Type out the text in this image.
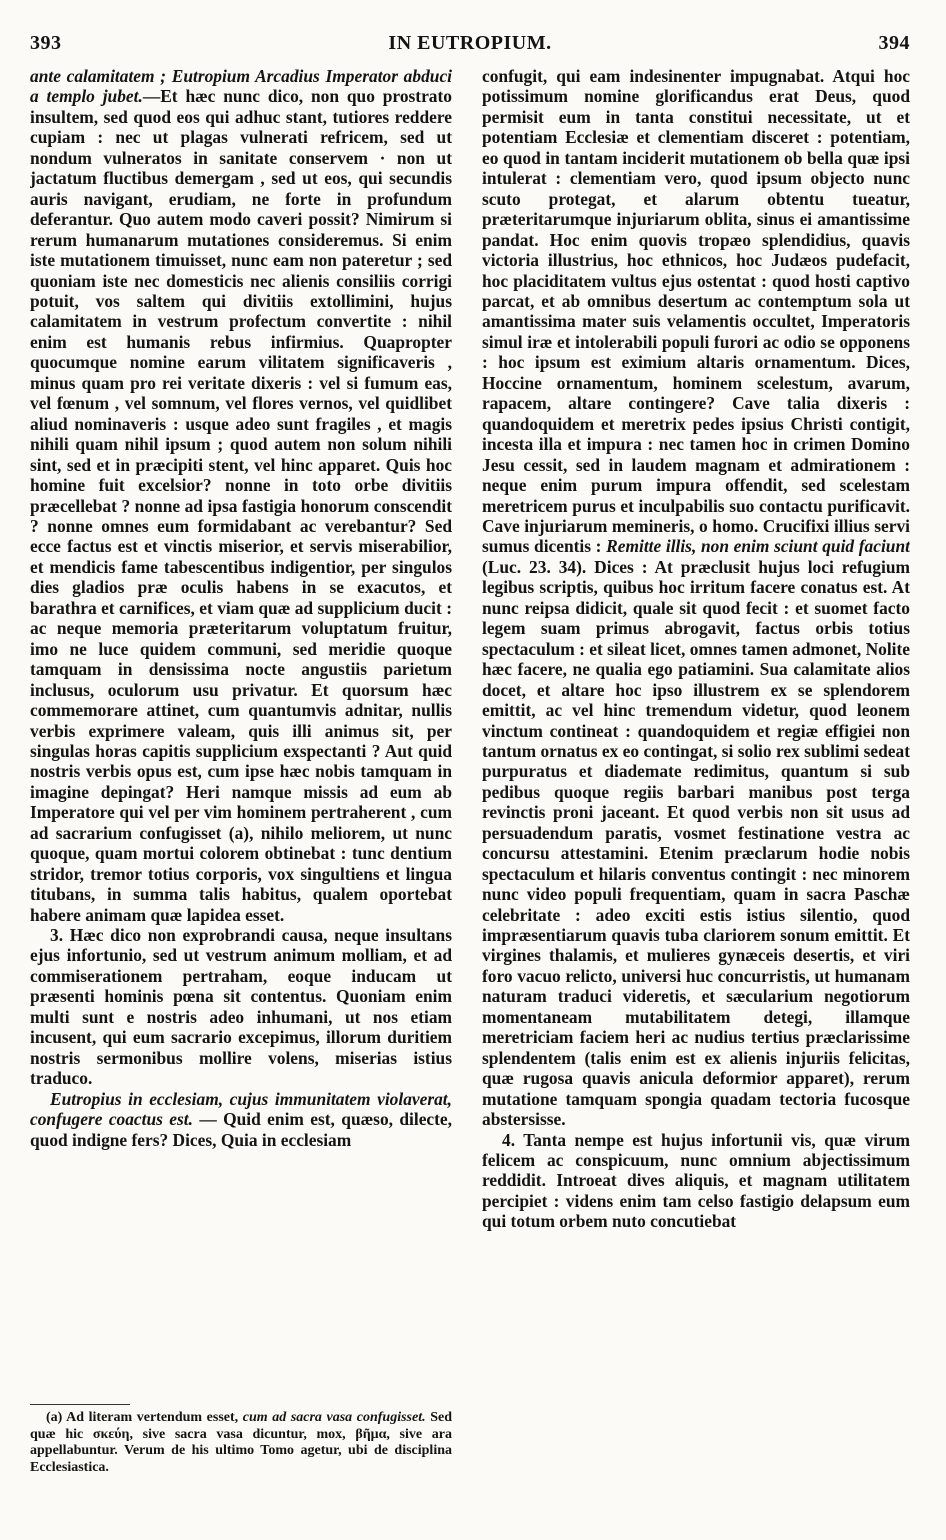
393	IN EUTROPIUM.	394

ante calamitatem ; Eutropium Arcadius Imperator abduci a templo jubet.—Et hæc nunc dico, non quo prostrato insultem, sed quod eos qui adhuc stant, tutiores reddere cupiam : nec ut plagas vulnerati refricem, sed ut nondum vulneratos in sanitate conservem · non ut jactatum fluctibus demergam , sed ut eos, qui secundis auris navigant, erudiam, ne forte in profundum deferantur. Quo autem modo caveri possit? Nimirum si rerum humanarum mutationes consideremus. Si enim iste mutationem timuisset, nunc eam non pateretur ; sed quoniam iste nec domesticis nec alienis consiliis corrigi potuit, vos saltem qui divitiis extollimini, hujus calamitatem in vestrum profectum convertite : nihil enim est humanis rebus infirmius. Quapropter quocumque nomine earum vilitatem significaveris , minus quam pro rei veritate dixeris : vel si fumum eas, vel fœnum , vel somnum, vel flores vernos, vel quidlibet aliud nominaveris : usque adeo sunt fragiles , et magis nihili quam nihil ipsum ; quod autem non solum nihili sint, sed et in præcipiti stent, vel hinc apparet. Quis hoc homine fuit excelsior? nonne in toto orbe divitiis præcellebat ? nonne ad ipsa fastigia honorum conscendit ? nonne omnes eum formidabant ac verebantur? Sed ecce factus est et vinctis miserior, et servis miserabilior, et mendicis fame tabescentibus indigentior, per singulos dies gladios præ oculis habens in se exacutos, et barathra et carnifices, et viam quæ ad supplicium ducit : ac neque memoria præteritarum voluptatum fruitur, imo ne luce quidem communi, sed meridie quoque tamquam in densissima nocte angustiis parietum inclusus, oculorum usu privatur. Et quorsum hæc commemorare attinet, cum quantumvis adnitar, nullis verbis exprimere valeam, quis illi animus sit, per singulas horas capitis supplicium exspectanti ? Aut quid nostris verbis opus est, cum ipse hæc nobis tamquam in imagine depingat? Heri namque missis ad eum ab Imperatore qui vel per vim hominem pertraherent , cum ad sacrarium confugisset (a), nihilo meliorem, ut nunc quoque, quam mortui colorem obtinebat : tunc dentium stridor, tremor totius corporis, vox singultiens et lingua titubans, in summa talis habitus, qualem oportebat habere animam quæ lapidea esset.

3. Hæc dico non exprobrandi causa, neque insultans ejus infortunio, sed ut vestrum animum molliam, et ad commiserationem pertraham, eoque inducam ut præsenti hominis pœna sit contentus. Quoniam enim multi sunt e nostris adeo inhumani, ut nos etiam incusent, qui eum sacrario excepimus, illorum duritiem nostris sermonibus mollire volens, miserias istius traduco.

Eutropius in ecclesiam, cujus immunitatem violaverat, confugere coactus est. — Quid enim est, quæso, dilecte, quod indigne fers? Dices, Quia in ecclesiam

(a) Ad literam vertendum esset, cum ad sacra vasa confugisset. Sed quæ hic σκεύη, sive sacra vasa dicuntur, mox, βῆμα, sive ara appellabuntur. Verum de his ultimo Tomo agetur, ubi de disciplina Ecclesiastica.

confugit, qui eam indesinenter impugnabat. Atqui hoc potissimum nomine glorificandus erat Deus, quod permisit eum in tanta constitui necessitate, ut et potentiam Ecclesiæ et clementiam disceret : potentiam, eo quod in tantam inciderit mutationem ob bella quæ ipsi intulerat : clementiam vero, quod ipsum objecto nunc scuto protegat, et alarum obtentu tueatur, præteritarumque injuriarum oblita, sinus ei amantissime pandat. Hoc enim quovis tropæo splendidius, quavis victoria illustrius, hoc ethnicos, hoc Judæos pudefacit, hoc placiditatem vultus ejus ostentat : quod hosti captivo parcat, et ab omnibus desertum ac contemptum sola ut amantissima mater suis velamentis occultet, Imperatoris simul iræ et intolerabili populi furori ac odio se opponens : hoc ipsum est eximium altaris ornamentum. Dices, Hoccine ornamentum, hominem scelestum, avarum, rapacem, altare contingere? Cave talia dixeris : quandoquidem et meretrix pedes ipsius Christi contigit, incesta illa et impura : nec tamen hoc in crimen Domino Jesu cessit, sed in laudem magnam et admirationem : neque enim purum impura offendit, sed scelestam meretricem purus et inculpabilis suo contactu purificavit. Cave injuriarum memineris, o homo. Crucifixi illius servi sumus dicentis : Remitte illis, non enim sciunt quid faciunt (Luc. 23. 34). Dices : At præclusit hujus loci refugium legibus scriptis, quibus hoc irritum facere conatus est. At nunc reipsa didicit, quale sit quod fecit : et suomet facto legem suam primus abrogavit, factus orbis totius spectaculum : et sileat licet, omnes tamen admonet, Nolite hæc facere, ne qualia ego patiamini. Sua calamitate alios docet, et altare hoc ipso illustrem ex se splendorem emittit, ac vel hinc tremendum videtur, quod leonem vinctum contineat : quandoquidem et regiæ effigiei non tantum ornatus ex eo contingat, si solio rex sublimi sedeat purpuratus et diademate redimitus, quantum si sub pedibus quoque regiis barbari manibus post terga revinctis proni jaceant. Et quod verbis non sit usus ad persuadendum paratis, vosmet festinatione vestra ac concursu attestamini. Etenim præclarum hodie nobis spectaculum et hilaris conventus contingit : nec minorem nunc video populi frequentiam, quam in sacra Paschæ celebritate : adeo exciti estis istius silentio, quod impræsentiarum quavis tuba clariorem sonum emittit. Et virgines thalamis, et mulieres gynæceis desertis, et viri foro vacuo relicto, universi huc concurristis, ut humanam naturam traduci videretis, et sæcularium negotiorum momentaneam mutabilitatem detegi, illamque meretriciam faciem heri ac nudius tertius præclarissime splendentem (talis enim est ex alienis injuriis felicitas, quæ rugosa quavis anicula deformior apparet), rerum mutatione tamquam spongia quadam tectoria fucosque abstersisse.

4. Tanta nempe est hujus infortunii vis, quæ virum felicem ac conspicuum, nunc omnium abjectissimum reddidit. Introeat dives aliquis, et magnam utilitatem percipiet : videns enim tam celso fastigio delapsum eum qui totum orbem nuto concutiebat
